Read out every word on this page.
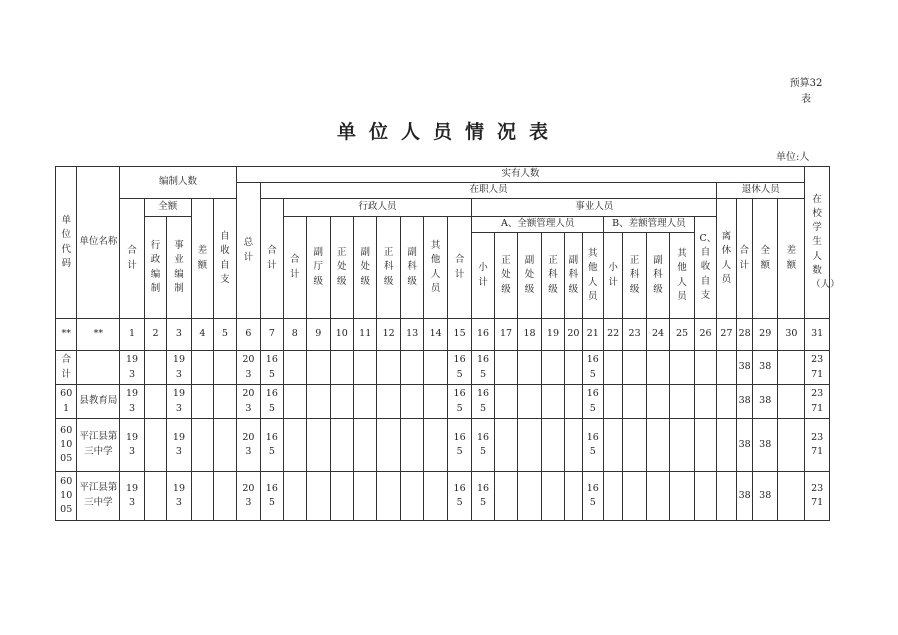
预算32表
单位人员情况表
单位:人
单位代码	单位名称	编制人数					实有人数																									在校学生人数（人）
							总计	在职人员																				退休人员				
		合计	全额		差额	自收自支		合计	行政人员								事业人员											离休人员	合计	全额	差额	
			行政编制	事业编制					合计	副厅级	正处级	副处级	正科级	副科级	其他人员	合计	A、全额管理人员						B、差额管理人员				C、自收自支					
																	小计	正处级	副处级	正科级	副科级	其他人员	小计	正科级	副科级	其他人员						
**	**	1	2	3	4	5	6	7	8	9	10	11	12	13	14	15	16	17	18	19	20	21	22	23	24	25	26	27	28	29	30	31
合计		193		193			203	165								165	165					165							38	38		2371
601	县教育局	193		193			203	165								165	165					165							38	38		2371
601005	平江县第三中学	193		193			203	165								165	165					165							38	38		2371
601005	平江县第三中学	193		193			203	165								165	165					165							38	38		2371
